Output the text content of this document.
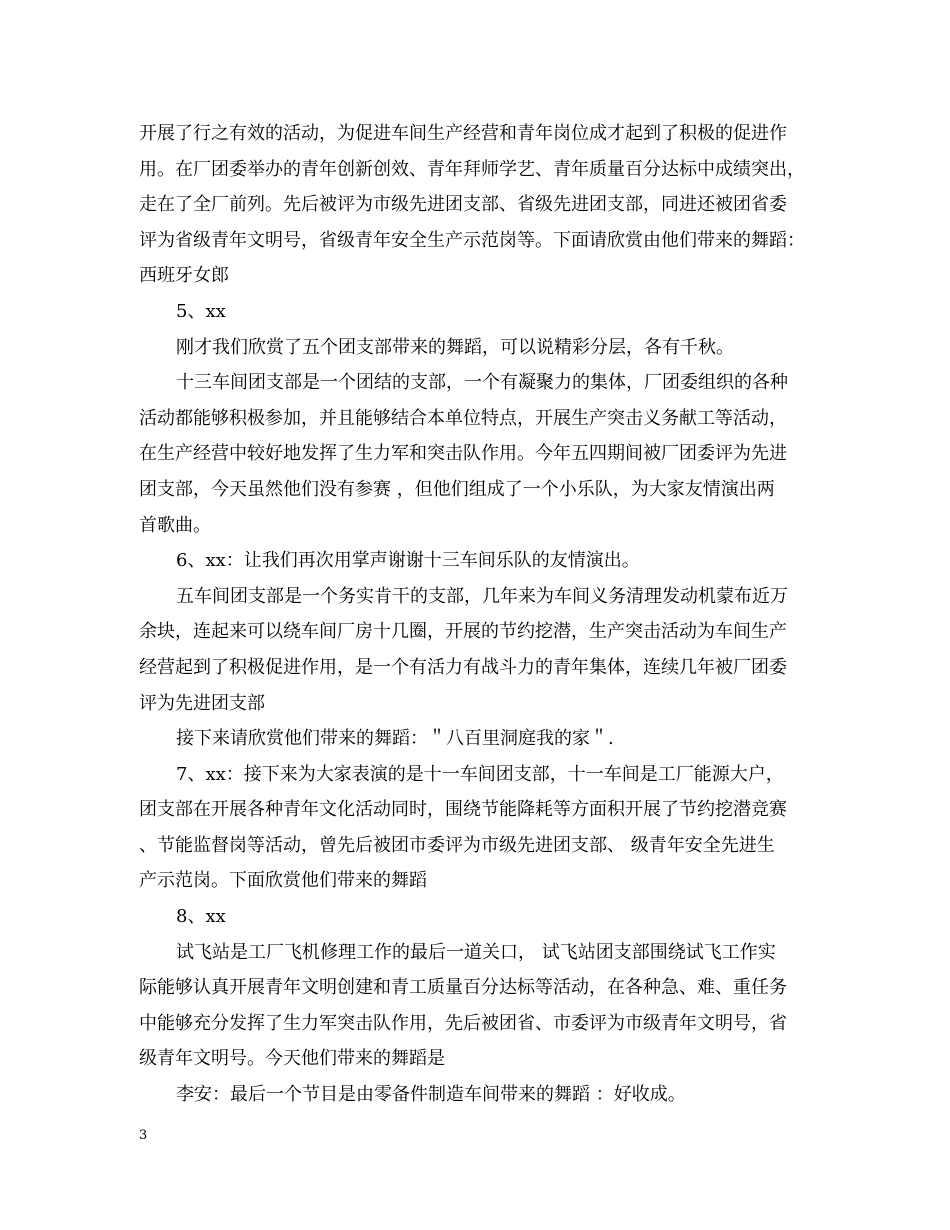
开展了行之有效的活动，为促进车间生产经营和青年岗位成才起到了积极的促进作
用。在厂团委举办的青年创新创效、青年拜师学艺、青年质量百分达标中成绩突出，
走在了全厂前列。先后被评为市级先进团支部、省级先进团支部，同进还被团省委
评为省级青年文明号，省级青年安全生产示范岗等。下面请欣赏由他们带来的舞蹈：
西班牙女郎
5、xx
刚才我们欣赏了五个团支部带来的舞蹈，可以说精彩分层，各有千秋。
十三车间团支部是一个团结的支部，一个有凝聚力的集体，厂团委组织的各种
活动都能够积极参加，并且能够结合本单位特点，开展生产突击义务献工等活动，
在生产经营中较好地发挥了生力军和突击队作用。今年五四期间被厂团委评为先进
团支部，今天虽然他们没有参赛 ，但他们组成了一个小乐队，为大家友情演出两
首歌曲。
6、xx：让我们再次用掌声谢谢十三车间乐队的友情演出。
五车间团支部是一个务实肯干的支部，几年来为车间义务清理发动机蒙布近万
余块，连起来可以绕车间厂房十几圈，开展的节约挖潜，生产突击活动为车间生产
经营起到了积极促进作用，是一个有活力有战斗力的青年集体，连续几年被厂团委
评为先进团支部
接下来请欣赏他们带来的舞蹈：＂八百里洞庭我的家＂.
7、xx：接下来为大家表演的是十一车间团支部，十一车间是工厂能源大户，
团支部在开展各种青年文化活动同时，围绕节能降耗等方面积开展了节约挖潜竞赛
、节能监督岗等活动，曾先后被团市委评为市级先进团支部、 级青年安全先进生
产示范岗。下面欣赏他们带来的舞蹈
8、xx
试飞站是工厂飞机修理工作的最后一道关口， 试飞站团支部围绕试飞工作实
际能够认真开展青年文明创建和青工质量百分达标等活动，在各种急、难、重任务
中能够充分发挥了生力军突击队作用，先后被团省、市委评为市级青年文明号，省
级青年文明号。今天他们带来的舞蹈是
李安：最后一个节目是由零备件制造车间带来的舞蹈 ：好收成。
3
